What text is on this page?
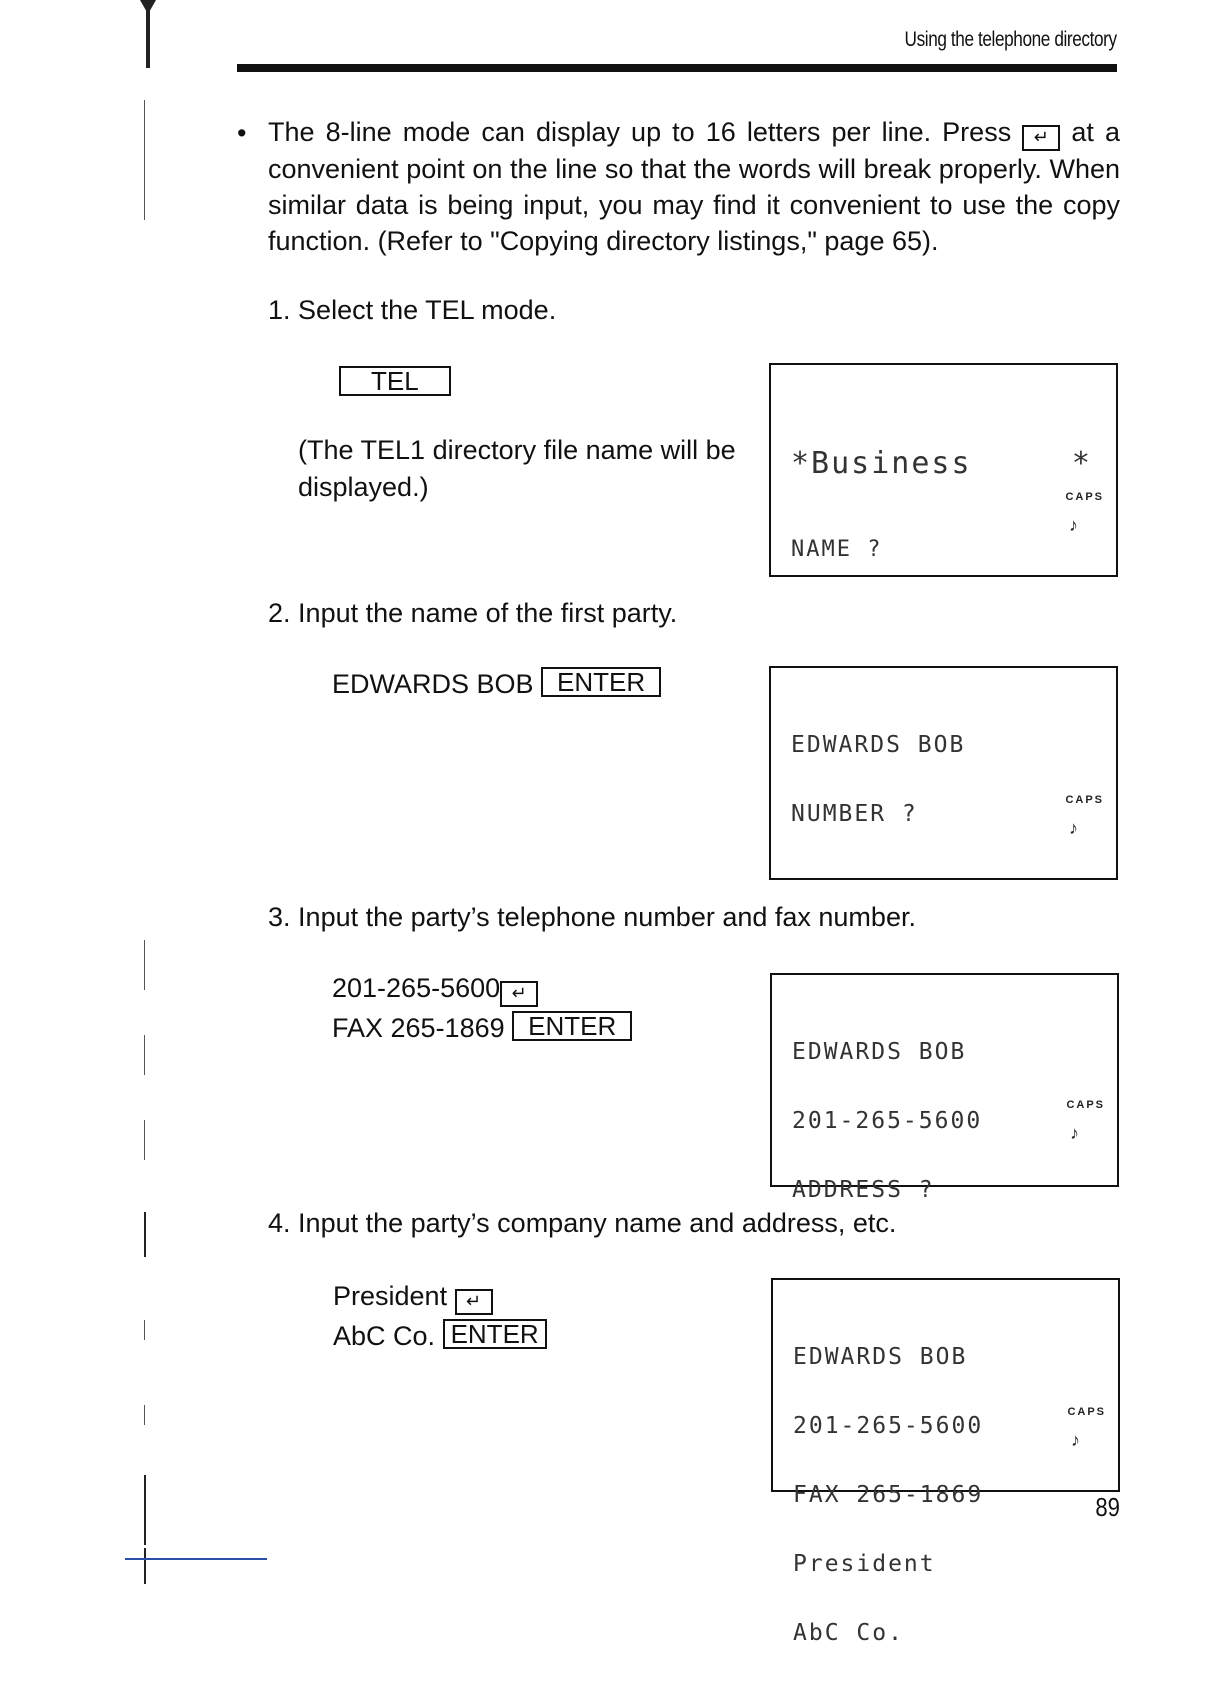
Using the telephone directory
• The 8-line mode can display up to 16 letters per line. Press ↵ at a convenient point on the line so that the words will break properly. When similar data is being input, you may find it convenient to use the copy function. (Refer to "Copying directory listings," page 65).
1. Select the TEL mode.
TEL
(The TEL1 directory file name will be displayed.)

*Business     *

NAME ?

CAPS
♪
2. Input the name of the first party.
EDWARDS BOB ENTER

EDWARDS BOB

NUMBER ?

CAPS
♪
3. Input the party’s telephone number and fax number.
201-265-5600 ↵
FAX 265-1869 ENTER

EDWARDS BOB

201-265-5600

ADDRESS ?

CAPS
♪
4. Input the party’s company name and address, etc.
President ↵
AbC Co. ENTER

EDWARDS BOB

201-265-5600

FAX 265-1869

President

AbC Co.

CAPS
♪
89
